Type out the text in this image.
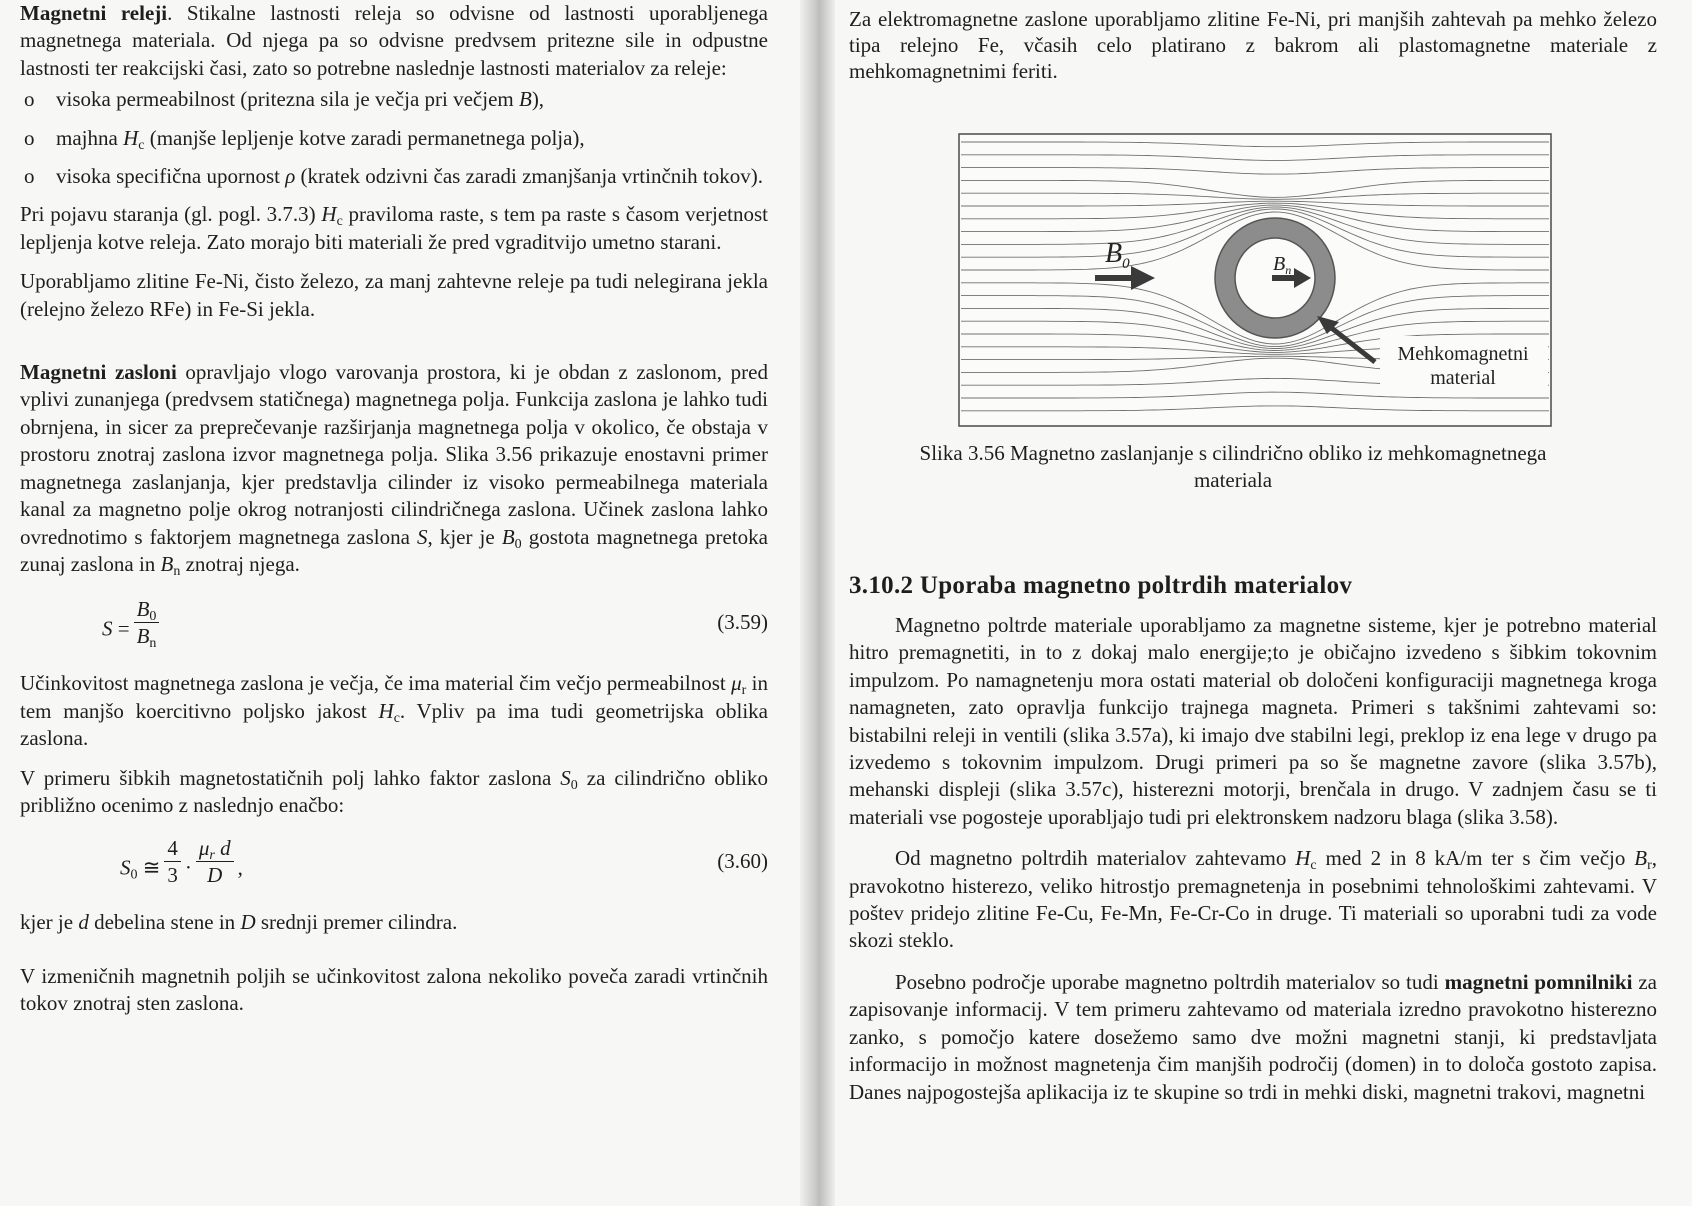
Magnetni releji. Stikalne lastnosti releja so odvisne od lastnosti uporabljenega magnetnega materiala. Od njega pa so odvisne predvsem pritezne sile in odpustne lastnosti ter reakcijski časi, zato so potrebne naslednje lastnosti materialov za releje:

o visoka permeabilnost (pritezna sila je večja pri večjem B),
o majhna $H_c$ (manjše lepljenje kotve zaradi permanetnega polja),
o visoka specifična upornost ρ (kratek odzivni čas zaradi zmanjšanja vrtinčnih tokov).

Pri pojavu staranja (gl. pogl. 3.7.3) $H_c$ praviloma raste, s tem pa raste s časom verjetnost lepljenja kotve releja. Zato morajo biti materiali že pred vgraditvijo umetno starani.

Uporabljamo zlitine Fe-Ni, čisto železo, za manj zahtevne releje pa tudi nelegirana jekla (relejno železo RFe) in Fe-Si jekla.

Magnetni zasloni opravljajo vlogo varovanja prostora, ki je obdan z zaslonom, pred vplivi zunanjega (predvsem statičnega) magnetnega polja. Funkcija zaslona je lahko tudi obrnjena, in sicer za preprečevanje razširjanja magnetnega polja v okolico, če obstaja v prostoru znotraj zaslona izvor magnetnega polja. Slika 3.56 prikazuje enostavni primer magnetnega zaslanjanja, kjer predstavlja cilinder iz visoko permeabilnega materiala kanal za magnetno polje okrog notranjosti cilindričnega zaslona. Učinek zaslona lahko ovrednotimo s faktorjem magnetnega zaslona S, kjer je $B_0$ gostota magnetnega pretoka zunaj zaslona in $B_n$ znotraj njega.

$S = \frac{B_0}{B_n}$	(3.59)

Učinkovitost magnetnega zaslona je večja, če ima material čim večjo permeabilnost $\mu_r$ in tem manjšo koercitivno poljsko jakost $H_c$. Vpliv pa ima tudi geometrijska oblika zaslona.

V primeru šibkih magnetostatičnih polj lahko faktor zaslona $S_0$ za cilindrično obliko približno ocenimo z naslednjo enačbo:

$S_0$ ≅ $\frac{4}{3} \cdot \frac{\mu_r d}{D}$ ,	(3.60)

kjer je d debelina stene in D srednji premer cilindra.

V izmeničnih magnetnih poljih se učinkovitost zalona nekoliko poveča zaradi vrtinčnih tokov znotraj sten zaslona.

Za elektromagnetne zaslone uporabljamo zlitine Fe-Ni, pri manjših zahtevah pa mehko železo tipa relejno Fe, včasih celo platirano z bakrom ali plastomagnetne materiale z mehkomagnetnimi feriti.

$B_0$	$B_n$
Mehkomagnetni
material
Slika 3.56 Magnetno zaslanjanje s cilindrično obliko iz mehkomagnetnega
materiala
3.10.2 Uporaba magnetno poltrdih materialov

Magnetno poltrde materiale uporabljamo za magnetne sisteme, kjer je potrebno material hitro premagnetiti, in to z dokaj malo energije;to je običajno izvedeno s šibkim tokovnim impulzom. Po namagnetenju mora ostati material ob določeni konfiguraciji magnetnega kroga namagneten, zato opravlja funkcijo trajnega magneta. Primeri s takšnimi zahtevami so: bistabilni releji in ventili (slika 3.57a), ki imajo dve stabilni legi, preklop iz ena lege v drugo pa izvedemo s tokovnim impulzom. Drugi primeri pa so še magnetne zavore (slika 3.57b), mehanski displeji (slika 3.57c), histerezni motorji, brenčala in drugo. V zadnjem času se ti materiali vse pogosteje uporabljajo tudi pri elektronskem nadzoru blaga (slika 3.58).

Od magnetno poltrdih materialov zahtevamo $H_c$ med 2 in 8 kA/m ter s čim večjo $B_r$, pravokotno histerezo, veliko hitrostjo premagnetenja in posebnimi tehnološkimi zahtevami. V poštev pridejo zlitine Fe-Cu, Fe-Mn, Fe-Cr-Co in druge. Ti materiali so uporabni tudi za vode skozi steklo.

Posebno področje uporabe magnetno poltrdih materialov so tudi magnetni pomnilniki za zapisovanje informacij. V tem primeru zahtevamo od materiala izredno pravokotno histerezno zanko, s pomočjo katere dosežemo samo dve možni magnetni stanji, ki predstavljata informacijo in možnost magnetenja čim manjših področij (domen) in to določa gostoto zapisa. Danes najpogostejša aplikacija iz te skupine so trdi in mehki diski, magnetni trakovi, magnetni
